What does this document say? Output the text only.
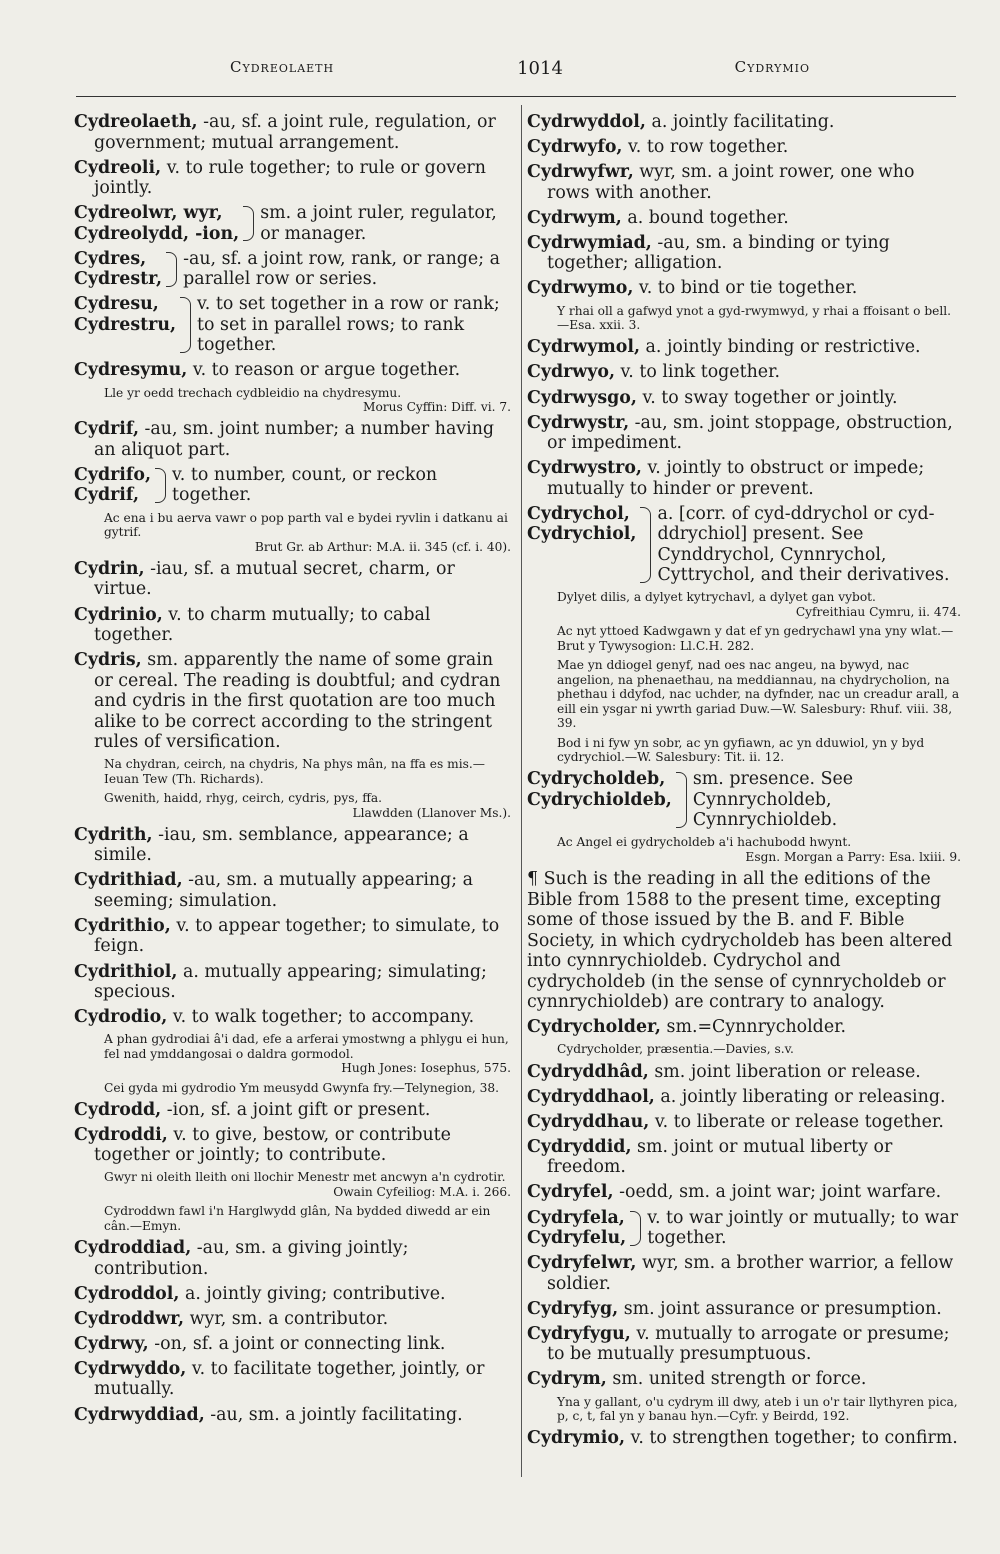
Cydreolaeth	1014	Cydrymio
Cydreolaeth, -au, sf. a joint rule, regulation, or government; mutual arrangement.
Cydreoli, v. to rule together; to rule or govern jointly.
Cydreolwr, wyr,
Cydreolydd, -ion,
sm. a joint ruler, regulator, or manager.
Cydres,
Cydrestr,
-au, sf. a joint row, rank, or range; a parallel row or series.
Cydresu,
Cydrestru,
v. to set together in a row or rank; to set in parallel rows; to rank together.
Cydresymu, v. to reason or argue together.
Lle yr oedd trechach cydbleidio na chydresymu.
Morus Cyffin: Diff. vi. 7.
Cydrif, -au, sm. joint number; a number having an aliquot part.
Cydrifo,
Cydrif,
v. to number, count, or reckon together.
Ac ena i bu aerva vawr o pop parth val e bydei ryvlin i datkanu ai gytrif.
Brut Gr. ab Arthur: M.A. ii. 345 (cf. i. 40).
Cydrin, -iau, sf. a mutual secret, charm, or virtue.
Cydrinio, v. to charm mutually; to cabal together.
Cydris, sm. apparently the name of some grain or cereal. The reading is doubtful; and cydran and cydris in the first quotation are too much alike to be correct according to the stringent rules of versification.
Na chydran, ceirch, na chydris, Na phys mân, na ffa es mis.—Ieuan Tew (Th. Richards).
Gwenith, haidd, rhyg, ceirch, cydris, pys, ffa.
Llawdden (Llanover Ms.).
Cydrith, -iau, sm. semblance, appearance; a simile.
Cydrithiad, -au, sm. a mutually appearing; a seeming; simulation.
Cydrithio, v. to appear together; to simulate, to feign.
Cydrithiol, a. mutually appearing; simulating; specious.
Cydrodio, v. to walk together; to accompany.
A phan gydrodiai â'i dad, efe a arferai ymostwng a phlygu ei hun, fel nad ymddangosai o daldra gormodol.
Hugh Jones: Iosephus, 575.
Cei gyda mi gydrodio Ym meusydd Gwynfa fry.—Telynegion, 38.
Cydrodd, -ion, sf. a joint gift or present.
Cydroddi, v. to give, bestow, or contribute together or jointly; to contribute.
Gwyr ni oleith lleith oni llochir Menestr met ancwyn a'n cydrotir.
Owain Cyfeiliog: M.A. i. 266.
Cydroddwn fawl i'n Harglwydd glân, Na bydded diwedd ar ein cân.—Emyn.
Cydroddiad, -au, sm. a giving jointly; contribution.
Cydroddol, a. jointly giving; contributive.
Cydroddwr, wyr, sm. a contributor.
Cydrwy, -on, sf. a joint or connecting link.
Cydrwyddo, v. to facilitate together, jointly, or mutually.
Cydrwyddiad, -au, sm. a jointly facilitating.
Cydrwyddol, a. jointly facilitating.
Cydrwyfo, v. to row together.
Cydrwyfwr, wyr, sm. a joint rower, one who rows with another.
Cydrwym, a. bound together.
Cydrwymiad, -au, sm. a binding or tying together; alligation.
Cydrwymo, v. to bind or tie together.
Y rhai oll a gafwyd ynot a gyd-rwymwyd, y rhai a ffoisant o bell.—Esa. xxii. 3.
Cydrwymol, a. jointly binding or restrictive.
Cydrwyo, v. to link together.
Cydrwysgo, v. to sway together or jointly.
Cydrwystr, -au, sm. joint stoppage, obstruction, or impediment.
Cydrwystro, v. jointly to obstruct or impede; mutually to hinder or prevent.
Cydrychol,
Cydrychiol,
a. [corr. of cyd-ddrychol or cyd-ddrychiol] present. See Cynddrychol, Cynnrychol, Cyttrychol, and their derivatives.
Dylyet dilis, a dylyet kytrychavl, a dylyet gan vybot.
Cyfreithiau Cymru, ii. 474.
Ac nyt yttoed Kadwgawn y dat ef yn gedrychawl yna yny wlat.—Brut y Tywysogion: Ll.C.H. 282.
Mae yn ddiogel genyf, nad oes nac angeu, na bywyd, nac angelion, na phenaethau, na meddiannau, na chydrycholion, na phethau i ddyfod, nac uchder, na dyfnder, nac un creadur arall, a eill ein ysgar ni ywrth gariad Duw.—W. Salesbury: Rhuf. viii. 38, 39.
Bod i ni fyw yn sobr, ac yn gyfiawn, ac yn dduwiol, yn y byd cydrychiol.—W. Salesbury: Tit. ii. 12.
Cydrycholdeb,
Cydrychioldeb,
sm. presence. See Cynnrycholdeb, Cynnrychioldeb.
Ac Angel ei gydrycholdeb a'i hachubodd hwynt.
Esgn. Morgan a Parry: Esa. lxiii. 9.
¶ Such is the reading in all the editions of the Bible from 1588 to the present time, excepting some of those issued by the B. and F. Bible Society, in which cydrycholdeb has been altered into cynnrychioldeb. Cydrychol and cydrycholdeb (in the sense of cynnrycholdeb or cynnrychioldeb) are contrary to analogy.
Cydrycholder, sm.=Cynnrycholder.
Cydrycholder, præsentia.—Davies, s.v.
Cydryddhâd, sm. joint liberation or release.
Cydryddhaol, a. jointly liberating or releasing.
Cydryddhau, v. to liberate or release together.
Cydryddid, sm. joint or mutual liberty or freedom.
Cydryfel, -oedd, sm. a joint war; joint warfare.
Cydryfela,
Cydryfelu,
v. to war jointly or mutually; to war together.
Cydryfelwr, wyr, sm. a brother warrior, a fellow soldier.
Cydryfyg, sm. joint assurance or presumption.
Cydryfygu, v. mutually to arrogate or presume; to be mutually presumptuous.
Cydrym, sm. united strength or force.
Yna y gallant, o'u cydrym ill dwy, ateb i un o'r tair llythyren pica, p, c, t, fal yn y banau hyn.—Cyfr. y Beirdd, 192.
Cydrymio, v. to strengthen together; to confirm.
